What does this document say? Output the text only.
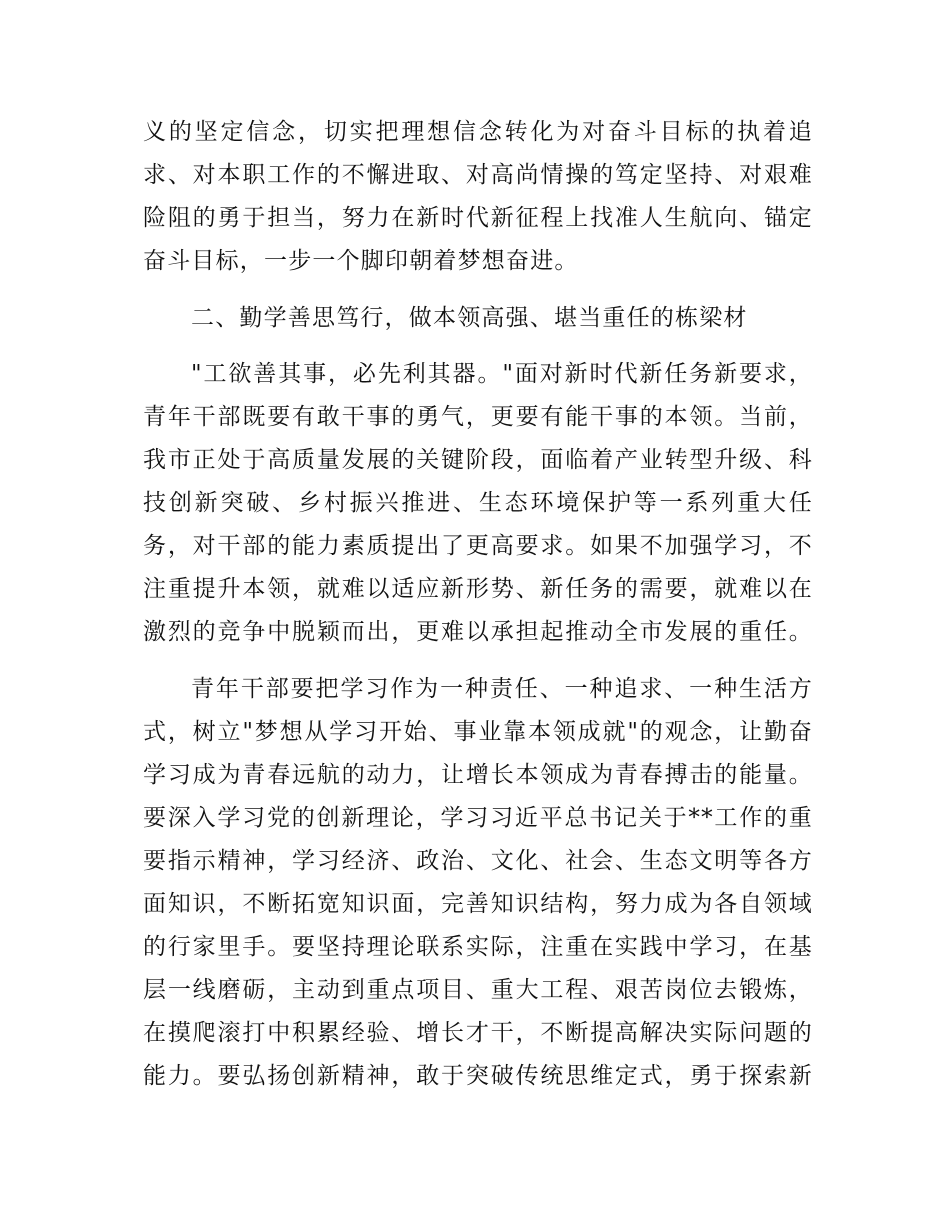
义的坚定信念，切实把理想信念转化为对奋斗目标的执着追
求、对本职工作的不懈进取、对高尚情操的笃定坚持、对艰难
险阻的勇于担当，努力在新时代新征程上找准人生航向、锚定
奋斗目标，一步一个脚印朝着梦想奋进。
二、勤学善思笃行，做本领高强、堪当重任的栋梁材
"工欲善其事，必先利其器。"面对新时代新任务新要求，
青年干部既要有敢干事的勇气，更要有能干事的本领。当前，
我市正处于高质量发展的关键阶段，面临着产业转型升级、科
技创新突破、乡村振兴推进、生态环境保护等一系列重大任
务，对干部的能力素质提出了更高要求。如果不加强学习，不
注重提升本领，就难以适应新形势、新任务的需要，就难以在
激烈的竞争中脱颖而出，更难以承担起推动全市发展的重任。
青年干部要把学习作为一种责任、一种追求、一种生活方
式，树立"梦想从学习开始、事业靠本领成就"的观念，让勤奋
学习成为青春远航的动力，让增长本领成为青春搏击的能量。
要深入学习党的创新理论，学习习近平总书记关于**工作的重
要指示精神，学习经济、政治、文化、社会、生态文明等各方
面知识，不断拓宽知识面，完善知识结构，努力成为各自领域
的行家里手。要坚持理论联系实际，注重在实践中学习，在基
层一线磨砺，主动到重点项目、重大工程、艰苦岗位去锻炼，
在摸爬滚打中积累经验、增长才干，不断提高解决实际问题的
能力。要弘扬创新精神，敢于突破传统思维定式，勇于探索新
